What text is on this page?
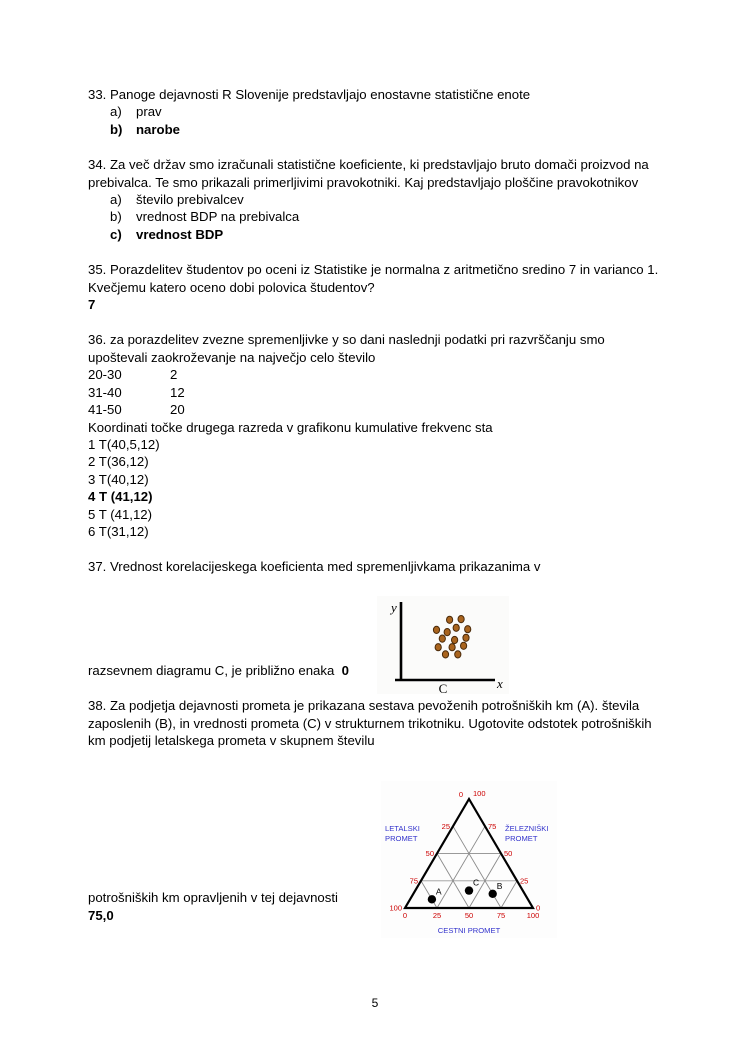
33. Panoge dejavnosti R Slovenije predstavljajo enostavne statistične enote
a) prav
b) narobe
34. Za več držav smo izračunali statistične koeficiente, ki predstavljajo bruto domači proizvod na prebivalca. Te smo prikazali primerljivimi pravokotniki. Kaj predstavljajo ploščine pravokotnikov
a) število prebivalcev
b) vrednost BDP na prebivalca
c) vrednost BDP
35. Porazdelitev študentov po oceni iz Statistike je normalna z aritmetično sredino 7 in varianco 1. Kvečjemu katero oceno dobi polovica študentov?
7
36. za porazdelitev zvezne spremenljivke y so dani naslednji podatki pri razvrščanju smo upoštevali zaokroževanje na največjo celo število
20-30	2
31-40	12
41-50	20
Koordinati točke drugega razreda v grafikonu kumulative frekvenc sta
1 T(40,5,12)
2 T(36,12)
3 T(40,12)
4 T (41,12)
5 T (41,12)
6 T(31,12)
37. Vrednost korelacijeskega koeficienta med spremenljivkama prikazanima v
razsevnem diagramu C, je približno enaka 0
38. Za podjetja dejavnosti prometa je prikazana sestava pevoženih potrošniških km (A). števila zaposlenih (B), in vrednosti prometa (C) v strukturnem trikotniku. Ugotovite odstotek potrošniških km podjetij letalskega prometa v skupnem številu
potrošniških km opravljenih v tej dejavnosti
75,0
y
x
C
0 100
25
50
75
100
75
50
25
0
0	25	50	75	100
LETALSKI
PROMET
ŽELEZNIŠKI
PROMET
CESTNI PROMET
A
B
C
5
